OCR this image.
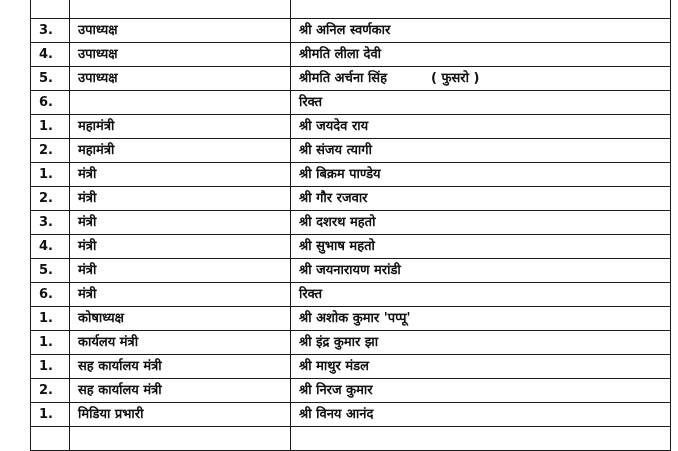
3.	उपाध्यक्ष	श्री अनिल स्वर्णकार
4.	उपाध्यक्ष	श्रीमति लीला देवी
5.	उपाध्यक्ष	श्रीमति अर्चना सिंह ( फुसरो )
6.		रिक्त
1.	महामंत्री	श्री जयदेव राय
2.	महामंत्री	श्री संजय त्यागी
1.	मंत्री	श्री बिक्रम पाण्डेय
2.	मंत्री	श्री गौर रजवार
3.	मंत्री	श्री दशरथ महतो
4.	मंत्री	श्री सुभाष महतो
5.	मंत्री	श्री जयनारायण मरांडी
6.	मंत्री	रिक्त
1.	कोषाध्यक्ष	श्री अशोक कुमार 'पप्पू'
1.	कार्यलय मंत्री	श्री इंद्र कुमार झा
1.	सह कार्यालय मंत्री	श्री माथुर मंडल
2.	सह कार्यालय मंत्री	श्री निरज कुमार
1.	मिडिया प्रभारी	श्री विनय आनंद
